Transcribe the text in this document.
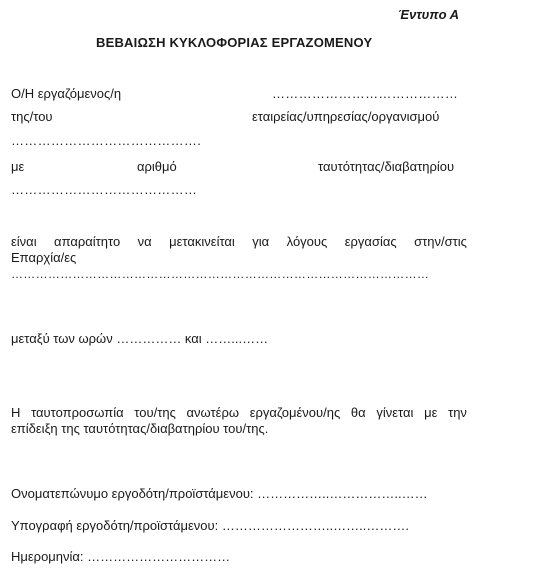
Έντυπο Α
ΒΕΒΑΙΩΣΗ ΚΥΚΛΟΦΟΡΙΑΣ ΕΡΓΑΖΟΜΕΝΟΥ
Ο/Η εργαζόμενος/η	……………………………………
της/του	εταιρείας/υπηρεσίας/οργανισμού
…………………………………….
με	αριθμό	ταυτότητας/διαβατηρίου
……………………………………
είναι απαραίτητο να μετακινείται για λόγους εργασίας στην/στις
Επαρχία/ες
…………………………………………………………………………………………
μεταξύ των ωρών …………… και ……...……
Η ταυτοπροσωπία του/της ανωτέρω εργαζομένου/ης θα γίνεται με την
επίδειξη της ταυτότητας/διαβατηρίου του/της.
Ονοματεπώνυμο εργοδότη/προϊστάμενου: ……………..……………..……
Υπογραφή εργοδότη/προϊστάμενου: ……………………..……..……….
Ημερομηνία: ……………………………
